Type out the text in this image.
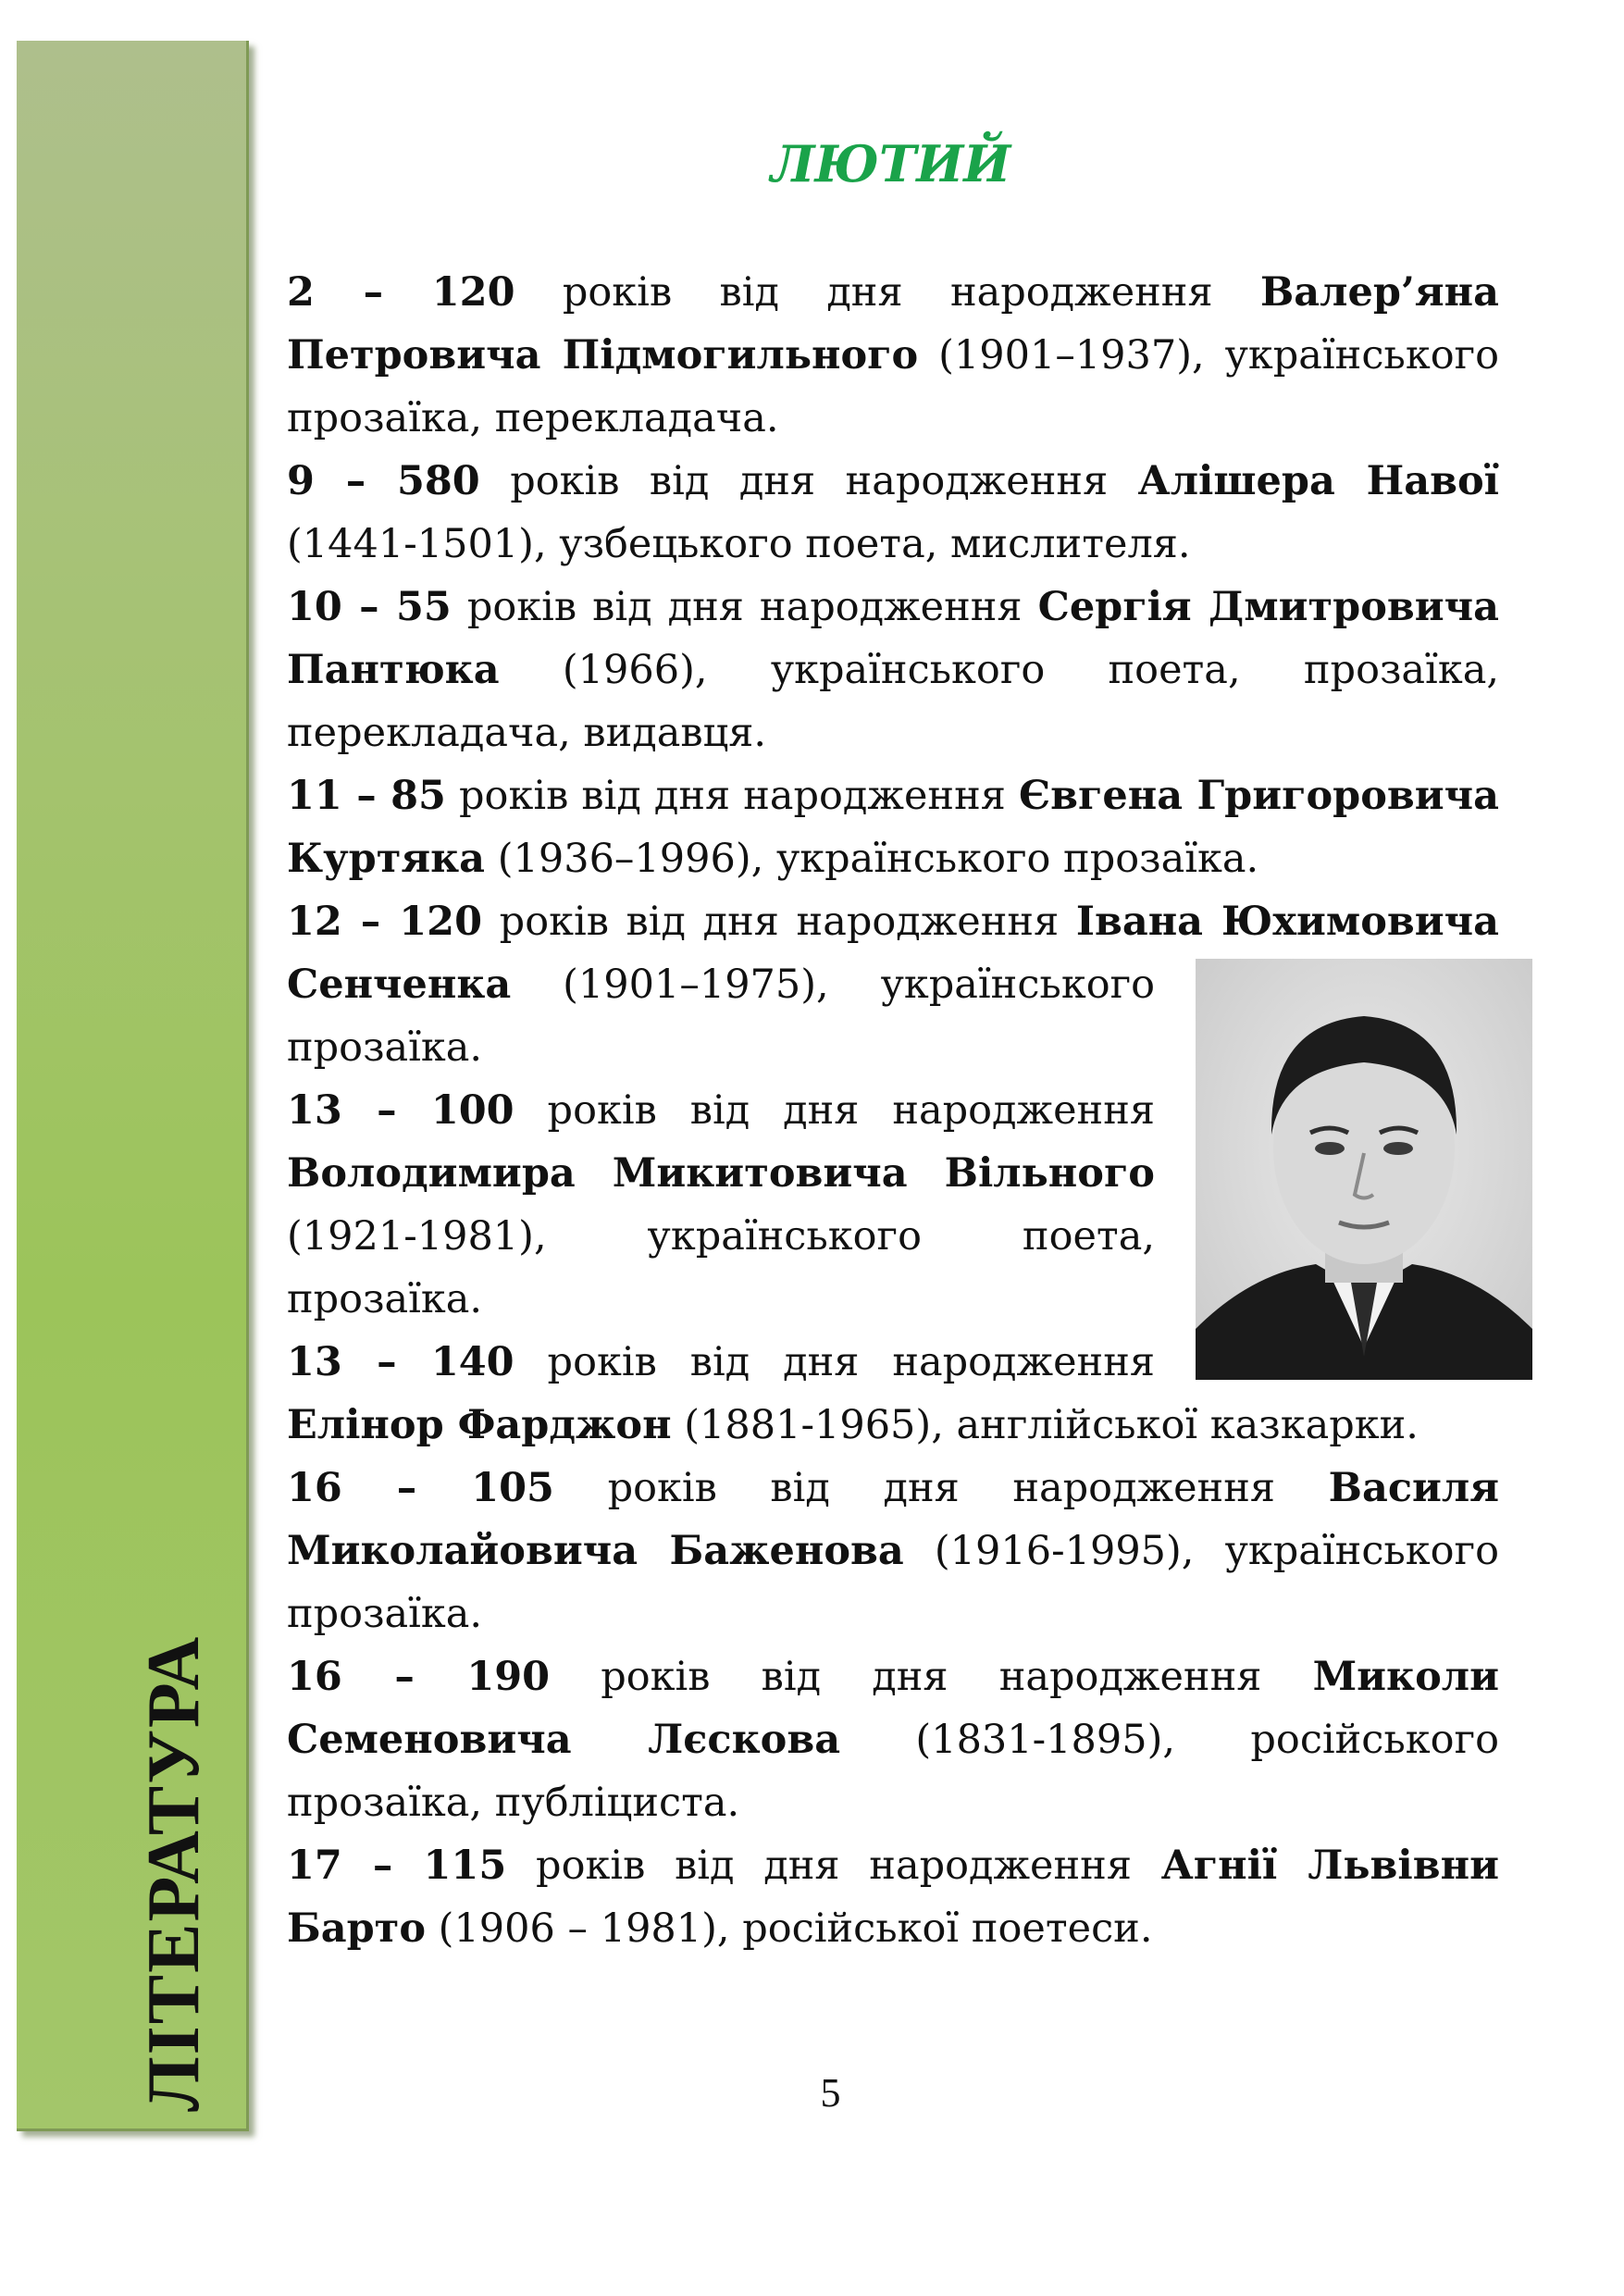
ЛІТЕРАТУРА
ЛЮТИЙ

2 – 120 років від дня народження Валер’яна Петровича Підмогильного (1901–1937), українського прозаїка, перекладача.

9 – 580 років від дня народження Алішера Навої (1441-1501), узбецького поета, мислителя.

10 – 55 років від дня народження Сергія Дмитровича Пантюка (1966), українського поета, прозаїка, перекладача, видавця.

11 – 85 років від дня народження Євгена Григоровича Куртяка (1936–1996), українського прозаїка.

12 – 120 років від дня народження Івана Юхимовича Сенченка
(1901–1975), українського прозаїка.

13 – 100 років від дня народження Володимира Микитовича Вільного (1921-1981), українського поета, прозаїка.

13 – 140 років від дня народження Елінор Фарджон (1881-1965), англійської казкарки.

16 – 105 років від дня народження Василя Миколайовича Баженова (1916-1995), українського прозаїка.

16 – 190 років від дня народження Миколи Семеновича Лєскова (1831-1895), російського прозаїка, публіциста.

17 – 115 років від дня народження Агнії Львівни Барто (1906 – 1981), російської поетеси.

5
